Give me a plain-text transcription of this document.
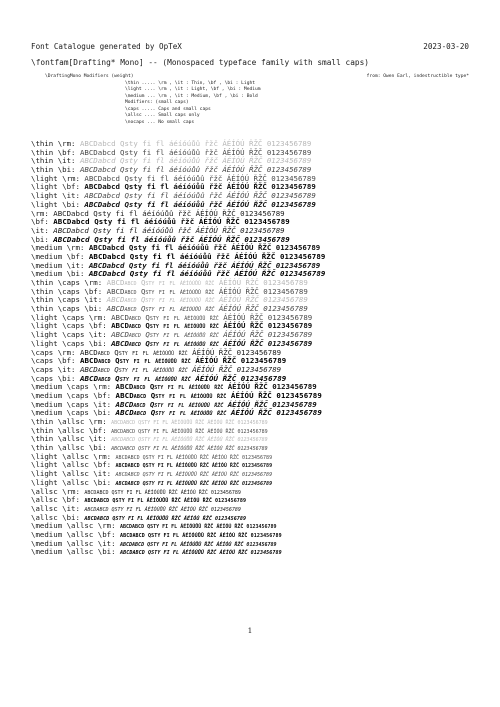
Font Catalogue generated by OpTeX	2023-03-20
\fontfam[Drafting* Mono] -- (Monospaced typeface family with small caps)
\DraftingMono Modifiers (weight)	from: Owen Earl, indestructible type*
\thin ..... \rm , \it : Thin, \bf , \bi : Light
\light .... \rm , \it : Light, \bf , \bi : Medium
\medium ... \rm , \it : Medium, \bf , \bi : Bold
Modifiers: (small caps)
\caps ..... Caps and small caps
\allsc .... Small caps only
\nocaps ... No small caps
\thin \rm: ABCDabcd Qsty fi fl áéíóúůû řžč ÁÉÍÓÚ ŘŽČ 0123456789
\thin \bf: ABCDabcd Qsty fi fl áéíóúůû řžč ÁÉÍÓÚ ŘŽČ 0123456789
\thin \it: ABCDabcd Qsty fi fl áéíóúůû řžč ÁÉÍÓÚ ŘŽČ 0123456789
\thin \bi: ABCDabcd Qsty fi fl áéíóúůû řžč ÁÉÍÓÚ ŘŽČ 0123456789
\light \rm: ABCDabcd Qsty fi fl áéíóúůû řžč ÁÉÍÓÚ ŘŽČ 0123456789
\light \bf: ABCDabcd Qsty fi fl áéíóúůû řžč ÁÉÍÓÚ ŘŽČ 0123456789
\light \it: ABCDabcd Qsty fi fl áéíóúůû řžč ÁÉÍÓÚ ŘŽČ 0123456789
\light \bi: ABCDabcd Qsty fi fl áéíóúůû řžč ÁÉÍÓÚ ŘŽČ 0123456789
\rm: ABCDabcd Qsty fi fl áéíóúůû řžč ÁÉÍÓÚ ŘŽČ 0123456789
\bf: ABCDabcd Qsty fi fl áéíóúůû řžč ÁÉÍÓÚ ŘŽČ 0123456789
\it: ABCDabcd Qsty fi fl áéíóúůû řžč ÁÉÍÓÚ ŘŽČ 0123456789
\bi: ABCDabcd Qsty fi fl áéíóúůû řžč ÁÉÍÓÚ ŘŽČ 0123456789
\medium \rm: ABCDabcd Qsty fi fl áéíóúůû řžč ÁÉÍÓÚ ŘŽČ 0123456789
\medium \bf: ABCDabcd Qsty fi fl áéíóúůû řžč ÁÉÍÓÚ ŘŽČ 0123456789
\medium \it: ABCDabcd Qsty fi fl áéíóúůû řžč ÁÉÍÓÚ ŘŽČ 0123456789
\medium \bi: ABCDabcd Qsty fi fl áéíóúůû řžč ÁÉÍÓÚ ŘŽČ 0123456789
\thin \caps \rm: ABCDabcd Qsty fi fl áéíóúůû řžč ÁÉÍÓÚ ŘŽČ 0123456789
\thin \caps \bf: ABCDabcd Qsty fi fl áéíóúůû řžč ÁÉÍÓÚ ŘŽČ 0123456789
\thin \caps \it: ABCDabcd Qsty fi fl áéíóúůû řžč ÁÉÍÓÚ ŘŽČ 0123456789
\thin \caps \bi: ABCDabcd Qsty fi fl áéíóúůû řžč ÁÉÍÓÚ ŘŽČ 0123456789
\light \caps \rm: ABCDabcd Qsty fi fl áéíóúůû řžč ÁÉÍÓÚ ŘŽČ 0123456789
\light \caps \bf: ABCDabcd Qsty fi fl áéíóúůû řžč ÁÉÍÓÚ ŘŽČ 0123456789
\light \caps \it: ABCDabcd Qsty fi fl áéíóúůû řžč ÁÉÍÓÚ ŘŽČ 0123456789
\light \caps \bi: ABCDabcd Qsty fi fl áéíóúůû řžč ÁÉÍÓÚ ŘŽČ 0123456789
\caps \rm: ABCDabcd Qsty fi fl áéíóúůû řžč ÁÉÍÓÚ ŘŽČ 0123456789
\caps \bf: ABCDabcd Qsty fi fl áéíóúůû řžč ÁÉÍÓÚ ŘŽČ 0123456789
\caps \it: ABCDabcd Qsty fi fl áéíóúůû řžč ÁÉÍÓÚ ŘŽČ 0123456789
\caps \bi: ABCDabcd Qsty fi fl áéíóúůû řžč ÁÉÍÓÚ ŘŽČ 0123456789
\medium \caps \rm: ABCDabcd Qsty fi fl áéíóúůû řžč ÁÉÍÓÚ ŘŽČ 0123456789
\medium \caps \bf: ABCDabcd Qsty fi fl áéíóúůû řžč ÁÉÍÓÚ ŘŽČ 0123456789
\medium \caps \it: ABCDabcd Qsty fi fl áéíóúůû řžč ÁÉÍÓÚ ŘŽČ 0123456789
\medium \caps \bi: ABCDabcd Qsty fi fl áéíóúůû řžč ÁÉÍÓÚ ŘŽČ 0123456789
\thin \allsc \rm: ABCDabcd Qsty fi fl áéíóúůû řžč ÁÉÍÓÚ ŘŽČ 0123456789
\thin \allsc \bf: ABCDabcd Qsty fi fl áéíóúůû řžč ÁÉÍÓÚ ŘŽČ 0123456789
\thin \allsc \it: ABCDabcd Qsty fi fl áéíóúůû řžč ÁÉÍÓÚ ŘŽČ 0123456789
\thin \allsc \bi: ABCDabcd Qsty fi fl áéíóúůû řžč ÁÉÍÓÚ ŘŽČ 0123456789
\light \allsc \rm: ABCDabcd Qsty fi fl áéíóúůû řžč ÁÉÍÓÚ ŘŽČ 0123456789
\light \allsc \bf: ABCDabcd Qsty fi fl áéíóúůû řžč ÁÉÍÓÚ ŘŽČ 0123456789
\light \allsc \it: ABCDabcd Qsty fi fl áéíóúůû řžč ÁÉÍÓÚ ŘŽČ 0123456789
\light \allsc \bi: ABCDabcd Qsty fi fl áéíóúůû řžč ÁÉÍÓÚ ŘŽČ 0123456789
\allsc \rm: ABCDabcd Qsty fi fl áéíóúůû řžč ÁÉÍÓÚ ŘŽČ 0123456789
\allsc \bf: ABCDabcd Qsty fi fl áéíóúůû řžč ÁÉÍÓÚ ŘŽČ 0123456789
\allsc \it: ABCDabcd Qsty fi fl áéíóúůû řžč ÁÉÍÓÚ ŘŽČ 0123456789
\allsc \bi: ABCDabcd Qsty fi fl áéíóúůû řžč ÁÉÍÓÚ ŘŽČ 0123456789
\medium \allsc \rm: ABCDabcd Qsty fi fl áéíóúůû řžč ÁÉÍÓÚ ŘŽČ 0123456789
\medium \allsc \bf: ABCDabcd Qsty fi fl áéíóúůû řžč ÁÉÍÓÚ ŘŽČ 0123456789
\medium \allsc \it: ABCDabcd Qsty fi fl áéíóúůû řžč ÁÉÍÓÚ ŘŽČ 0123456789
\medium \allsc \bi: ABCDabcd Qsty fi fl áéíóúůû řžč ÁÉÍÓÚ ŘŽČ 0123456789
1
